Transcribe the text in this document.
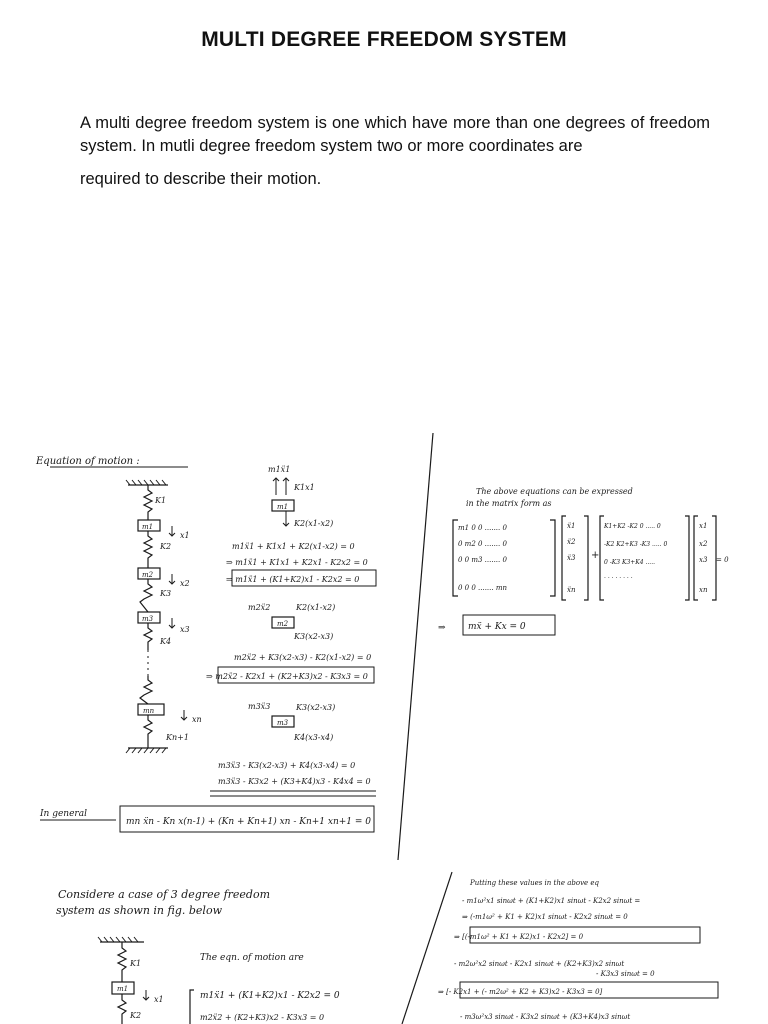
MULTI DEGREE FREEDOM SYSTEM
A multi degree freedom system is one which have more than one degrees of freedom system. In mutli degree freedom system two or more coordinates are
required to describe their motion.
Equation of motion :
K1
m1
x1
K2
m2
x2
K3
m3
x3
K4
mn
xn
Kn+1
m1ẍ1
K1x1
m1
K2(x1-x2)
m1ẍ1 + K1x1 + K2(x1-x2) = 0
⇒ m1ẍ1 + K1x1 + K2x1 - K2x2 = 0
⇒ m1ẍ1 + (K1+K2)x1 - K2x2 = 0
m2ẍ2	K2(x1-x2)
m2
K3(x2-x3)
m2ẍ2 + K3(x2-x3) - K2(x1-x2) = 0
⇒ m2ẍ2 - K2x1 + (K2+K3)x2 - K3x3 = 0
m3ẍ3	K3(x2-x3)
m3
K4(x3-x4)
m3ẍ3 - K3(x2-x3) + K4(x3-x4) = 0
m3ẍ3 - K3x2 + (K3+K4)x3 - K4x4 = 0
In general
mn ẍn - Kn x(n-1) + (Kn + Kn+1) xn - Kn+1 xn+1 = 0
The above equations can be expressed
in the matrix form as
m1 0 0 ....... 0
0 m2 0 ....... 0
0 0 m3 ....... 0
0 0 0 ....... mn
ẍ1
ẍ2
ẍ3
ẍn
+
K1+K2 -K2 0 ..... 0
-K2 K2+K3 -K3 ..... 0
0 -K3 K3+K4 .....
. . . . . . . .
x1
x2
x3
xn
= 0
⇒ mẍ + Kx = 0
Considere a case of 3 degree freedom
system as shown in fig. below
K1
m1
x1
K2
The eqn. of motion are
m1ẍ1 + (K1+K2)x1 - K2x2 = 0
m2ẍ2 + (K2+K3)x2 - K3x3 = 0
Putting these values in the above eq
- m1ω²x1 sinωt + (K1+K2)x1 sinωt - K2x2 sinωt =
⇒ (-m1ω² + K1 + K2)x1 sinωt - K2x2 sinωt = 0
⇒ [(-m1ω² + K1 + K2)x1 - K2x2] = 0
- m2ω²x2 sinωt - K2x1 sinωt + (K2+K3)x2 sinωt
- K3x3 sinωt = 0
⇒ [- K2x1 + (- m2ω² + K2 + K3)x2 - K3x3 = 0]
- m3ω²x3 sinωt - K3x2 sinωt + (K3+K4)x3 sinωt
